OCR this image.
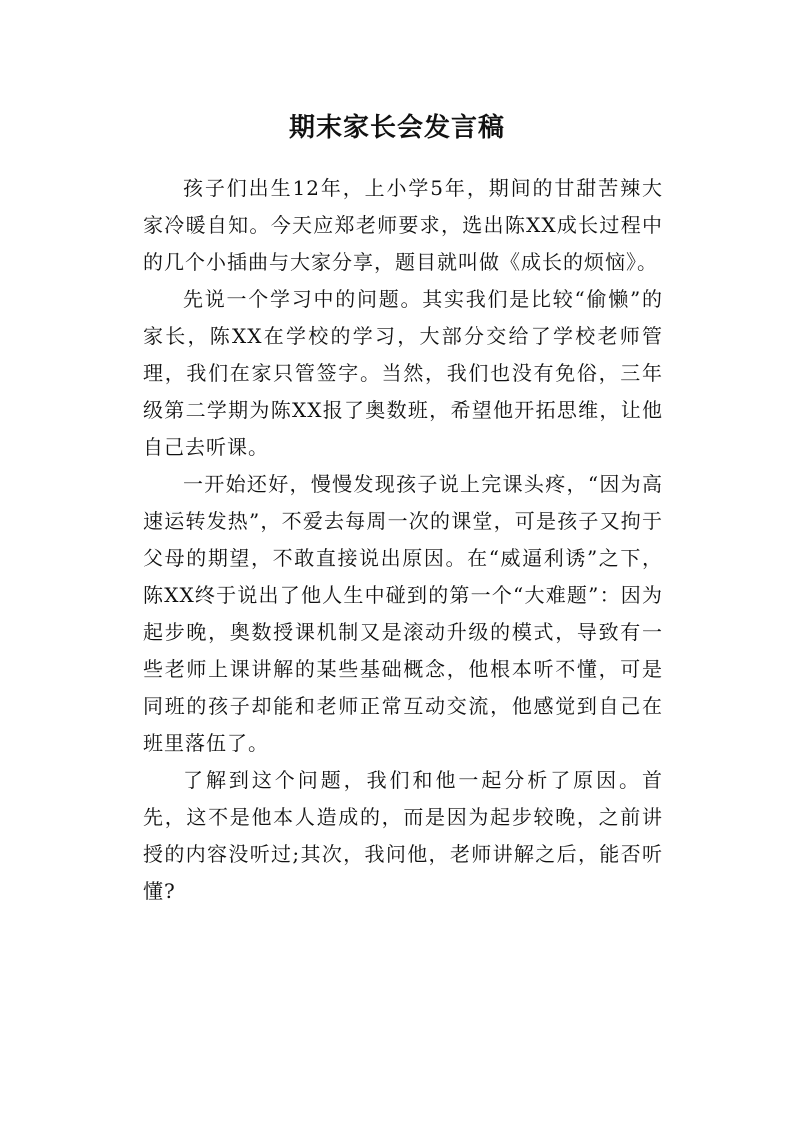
期末家长会发言稿

孩子们出生12年，上小学5年，期间的甘甜苦辣大家冷暖自知。今天应郑老师要求，选出陈XX成长过程中的几个小插曲与大家分享，题目就叫做《成长的烦恼》。

先说一个学习中的问题。其实我们是比较“偷懒”的家长，陈XX在学校的学习，大部分交给了学校老师管理，我们在家只管签字。当然，我们也没有免俗，三年级第二学期为陈XX报了奥数班，希望他开拓思维，让他自己去听课。

一开始还好，慢慢发现孩子说上完课头疼，“因为高速运转发热”，不爱去每周一次的课堂，可是孩子又拘于父母的期望，不敢直接说出原因。在“威逼利诱”之下，陈XX终于说出了他人生中碰到的第一个“大难题”：因为起步晚，奥数授课机制又是滚动升级的模式，导致有一些老师上课讲解的某些基础概念，他根本听不懂，可是同班的孩子却能和老师正常互动交流，他感觉到自己在班里落伍了。

了解到这个问题，我们和他一起分析了原因。首先，这不是他本人造成的，而是因为起步较晚，之前讲授的内容没听过;其次，我问他，老师讲解之后，能否听懂?
